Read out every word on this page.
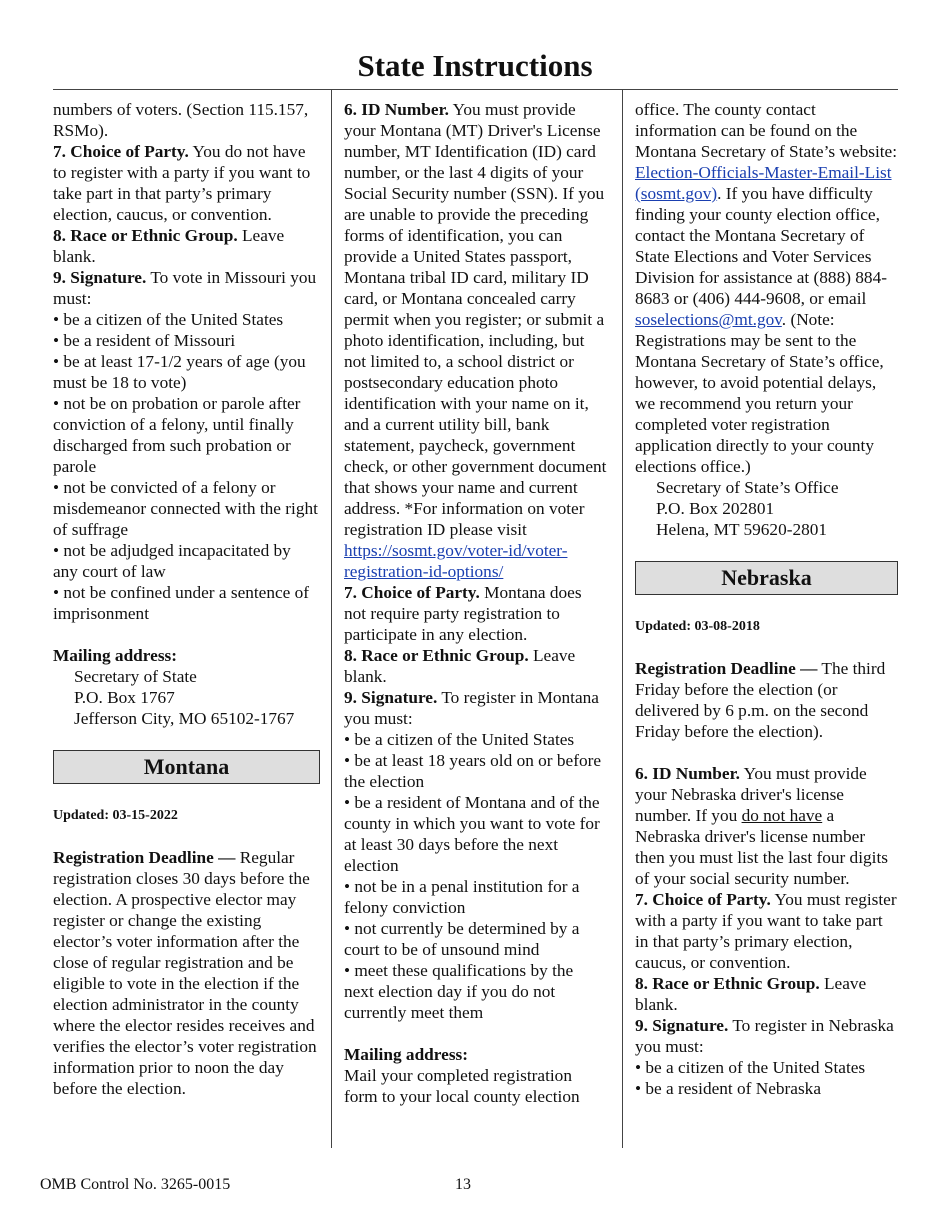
State Instructions

numbers of voters. (Section 115.157, RSMo).

7. Choice of Party. You do not have to register with a party if you want to take part in that party’s primary election, caucus, or convention.

8. Race or Ethnic Group. Leave blank.

9. Signature. To vote in Missouri you must:

• be a citizen of the United States

• be a resident of Missouri

• be at least 17-1/2 years of age (you must be 18 to vote)

• not be on probation or parole after conviction of a felony, until finally discharged from such probation or parole

• not be convicted of a felony or misdemeanor connected with the right of suffrage

• not be adjudged incapacitated by any court of law

• not be confined under a sentence of imprisonment

Mailing address:

Secretary of State

P.O. Box 1767

Jefferson City, MO 65102-1767

Montana

Updated: 03-15-2022

Registration Deadline — Regular registration closes 30 days before the election. A prospective elector may register or change the existing elector’s voter information after the close of regular registration and be eligible to vote in the election if the election administrator in the county where the elector resides receives and verifies the elector’s voter registration information prior to noon the day before the election.

6. ID Number. You must provide your Montana (MT) Driver's License number, MT Identification (ID) card number, or the last 4 digits of your Social Security number (SSN). If you are unable to provide the preceding forms of identification, you can provide a United States passport, Montana tribal ID card, military ID card, or Montana concealed carry permit when you register; or submit a photo identification, including, but not limited to, a school district or postsecondary education photo identification with your name on it, and a current utility bill, bank statement, paycheck, government check, or other government document that shows your name and current address. *For information on voter registration ID please visit https://sosmt.gov/voter-id/voter-registration-id-options/

7. Choice of Party. Montana does not require party registration to participate in any election.

8. Race or Ethnic Group. Leave blank.

9. Signature. To register in Montana you must:

• be a citizen of the United States

• be at least 18 years old on or before the election

• be a resident of Montana and of the county in which you want to vote for at least 30 days before the next election

• not be in a penal institution for a felony conviction

• not currently be determined by a court to be of unsound mind

• meet these qualifications by the next election day if you do not currently meet them

Mailing address:

Mail your completed registration form to your local county election

office. The county contact information can be found on the Montana Secretary of State’s website: Election-Officials-Master-Email-List (sosmt.gov). If you have difficulty finding your county election office, contact the Montana Secretary of State Elections and Voter Services Division for assistance at (888) 884-8683 or (406) 444-9608, or email soselections@mt.gov. (Note: Registrations may be sent to the Montana Secretary of State’s office, however, to avoid potential delays, we recommend you return your completed voter registration application directly to your county elections office.)

Secretary of State’s Office

P.O. Box 202801

Helena, MT 59620-2801

Nebraska

Updated: 03-08-2018

Registration Deadline — The third Friday before the election (or delivered by 6 p.m. on the second Friday before the election).

6. ID Number. You must provide your Nebraska driver's license number. If you do not have a Nebraska driver's license number then you must list the last four digits of your social security number.

7. Choice of Party. You must register with a party if you want to take part in that party’s primary election, caucus, or convention.

8. Race or Ethnic Group. Leave blank.

9. Signature. To register in Nebraska you must:

• be a citizen of the United States

• be a resident of Nebraska

OMB Control No. 3265-0015	13
